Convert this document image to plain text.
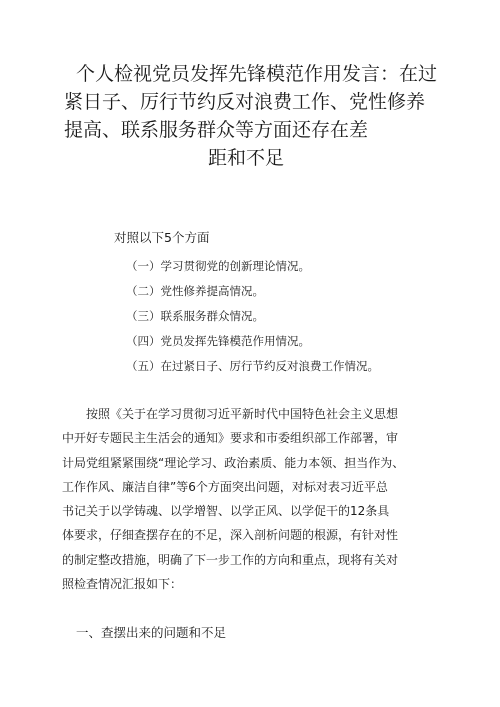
个人检视党员发挥先锋模范作用发言：在过
紧日子、厉行节约反对浪费工作、党性修养
提高、联系服务群众等方面还存在差
距和不足
对照以下5个方面
（一）学习贯彻党的创新理论情况。
（二）党性修养提高情况。
（三）联系服务群众情况。
（四）党员发挥先锋模范作用情况。
（五）在过紧日子、厉行节约反对浪费工作情况。

按照《关于在学习贯彻习近平新时代中国特色社会主义思想
中开好专题民主生活会的通知》要求和市委组织部工作部署，审
计局党组紧紧围绕“理论学习、政治素质、能力本领、担当作为、
工作作风、廉洁自律”等6个方面突出问题，对标对表习近平总
书记关于以学铸魂、以学增智、以学正风、以学促干的12条具
体要求，仔细查摆存在的不足，深入剖析问题的根源，有针对性
的制定整改措施，明确了下一步工作的方向和重点，现将有关对
照检查情况汇报如下：

一、查摆出来的问题和不足
